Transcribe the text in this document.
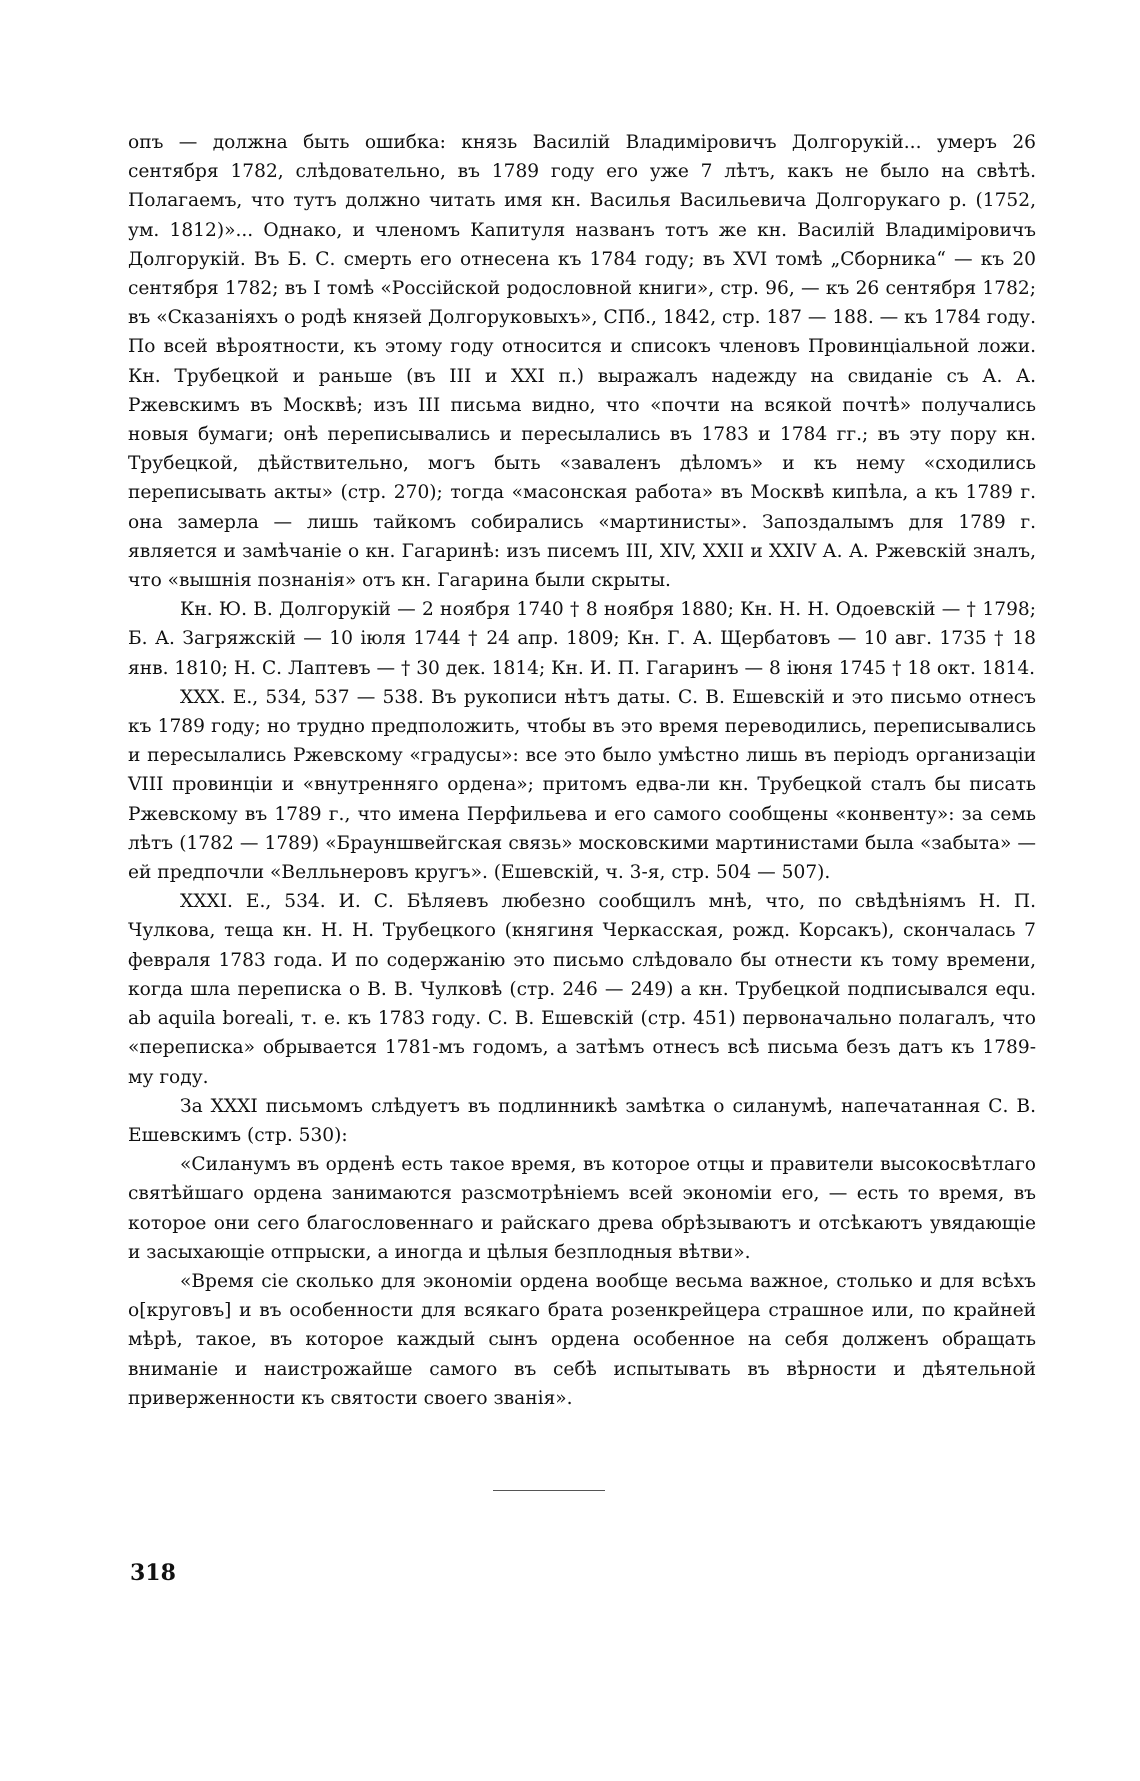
опъ — должна быть ошибка: князь Василій Владиміровичъ Долгорукій... умеръ 26 сентября 1782, слѣдовательно, въ 1789 году его уже 7 лѣтъ, какъ не было на свѣтѣ. Полагаемъ, что тутъ должно читать имя кн. Василья Васильевича Долгорукаго р. (1752, ум. 1812)»... Однако, и членомъ Капитуля названъ тотъ же кн. Василій Владиміровичъ Долгорукій. Въ Б. С. смерть его отнесена къ 1784 году; въ XVI томѣ „Сборника“ — къ 20 сентября 1782; въ I томѣ «Россійской родословной книги», стр. 96, — къ 26 сентября 1782; въ «Сказаніяхъ о родѣ князей Долгоруковыхъ», СПб., 1842, стр. 187 — 188. — къ 1784 году. По всей вѣроятности, къ этому году относится и списокъ членовъ Провинціальной ложи. Кн. Трубецкой и раньше (въ III и XXI п.) выражалъ надежду на свиданіе съ А. А. Ржевскимъ въ Москвѣ; изъ III письма видно, что «почти на всякой почтѣ» получались новыя бумаги; онѣ переписывались и пересылались въ 1783 и 1784 гг.; въ эту пору кн. Трубецкой, дѣйствительно, могъ быть «заваленъ дѣломъ» и къ нему «сходились переписывать акты» (стр. 270); тогда «масонская работа» въ Москвѣ кипѣла, а къ 1789 г. она замерла — лишь тайкомъ собирались «мартинисты». Запоздалымъ для 1789 г. является и замѣчаніе о кн. Гагаринѣ: изъ писемъ III, XIV, XXII и XXIV А. А. Ржевскій зналъ, что «вышнія познанія» отъ кн. Гагарина были скрыты.

Кн. Ю. В. Долгорукій — 2 ноября 1740 † 8 ноября 1880; Кн. Н. Н. Одоевскій — † 1798; Б. А. Загряжскій — 10 іюля 1744 † 24 апр. 1809; Кн. Г. А. Щербатовъ — 10 авг. 1735 † 18 янв. 1810; Н. С. Лаптевъ — † 30 дек. 1814; Кн. И. П. Гагаринъ — 8 іюня 1745 † 18 окт. 1814.

XXX. Е., 534, 537 — 538. Въ рукописи нѣтъ даты. С. В. Ешевскій и это письмо отнесъ къ 1789 году; но трудно предположить, чтобы въ это время переводились, переписывались и пересылались Ржевскому «градусы»: все это было умѣстно лишь въ періодъ организаціи VIII провинціи и «внутренняго ордена»; притомъ едва-ли кн. Трубецкой сталъ бы писать Ржевскому въ 1789 г., что имена Перфильева и его самого сообщены «конвенту»: за семь лѣтъ (1782 — 1789) «Брауншвейгская связь» московскими мартинистами была «забыта» — ей предпочли «Велльнеровъ кругъ». (Ешевскій, ч. 3-я, стр. 504 — 507).

XXXI. Е., 534. И. С. Бѣляевъ любезно сообщилъ мнѣ, что, по свѣдѣніямъ Н. П. Чулкова, теща кн. Н. Н. Трубецкого (княгиня Черкасская, рожд. Корсакъ), скончалась 7 февраля 1783 года. И по содержанію это письмо слѣдовало бы отнести къ тому времени, когда шла переписка о В. В. Чулковѣ (стр. 246 — 249) а кн. Трубецкой подписывался equ. ab aquila boreali, т. е. къ 1783 году. С. В. Ешевскій (стр. 451) первоначально полагалъ, что «переписка» обрывается 1781-мъ годомъ, а затѣмъ отнесъ всѣ письма безъ датъ къ 1789-му году.

За XXXI письмомъ слѣдуетъ въ подлинникѣ замѣтка о силанумѣ, напечатанная С. В. Ешевскимъ (стр. 530):

«Силанумъ въ орденѣ есть такое время, въ которое отцы и правители высокосвѣтлаго святѣйшаго ордена занимаются разсмотрѣніемъ всей экономіи его, — есть то время, въ которое они сего благословеннаго и райскаго древа обрѣзываютъ и отсѣкаютъ увядающіе и засыхающіе отпрыски, а иногда и цѣлыя безплодныя вѣтви».

«Время сіе сколько для экономіи ордена вообще весьма важное, столько и для всѣхъ о[круговъ] и въ особенности для всякаго брата розенкрейцера страшное или, по крайней мѣрѣ, такое, въ которое каждый сынъ ордена особенное на себя долженъ обращать вниманіе и наистрожайше самого въ себѣ испытывать въ вѣрности и дѣятельной приверженности къ святости своего званія».

318
